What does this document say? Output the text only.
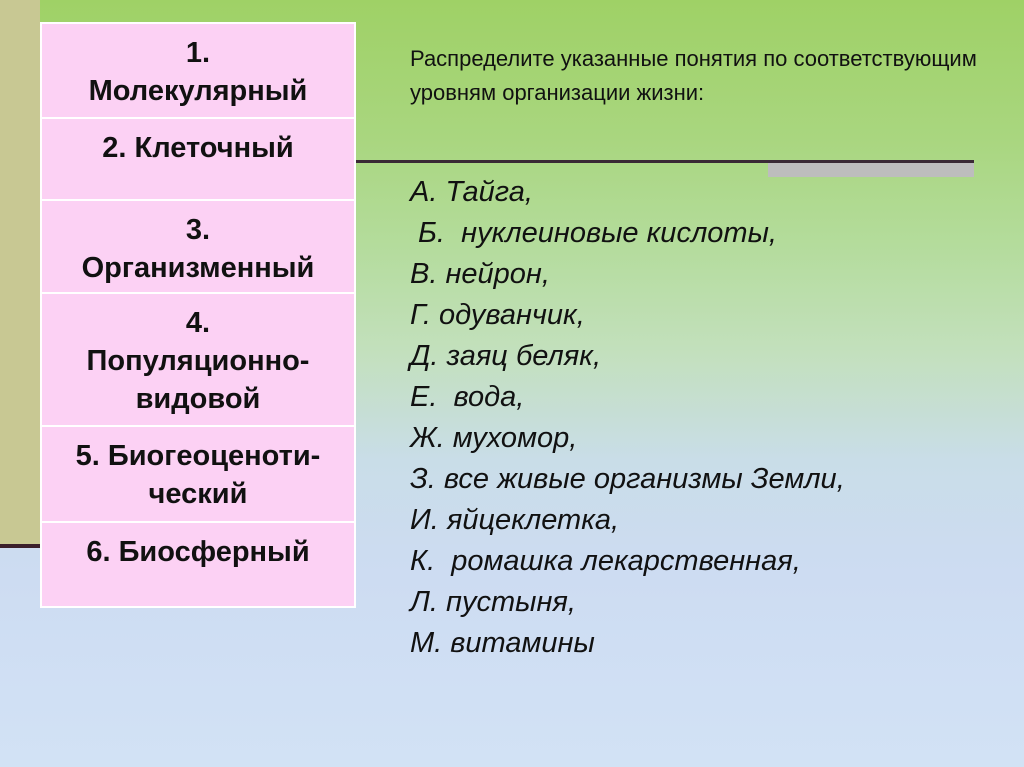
1.
Молекулярный
2. Клеточный
3.
Организменный
4.
Популяционно-
видовой
5. Биогеоценоти-
ческий
6. Биосферный
Распределите указанные понятия по соответствующим уровням организации жизни:
А. Тайга,
Б.  нуклеиновые кислоты,
В. нейрон,
Г. одуванчик,
Д. заяц беляк,
Е.  вода,
Ж. мухомор,
З. все живые организмы Земли,
И. яйцеклетка,
К.  ромашка лекарственная,
Л. пустыня,
М. витамины
